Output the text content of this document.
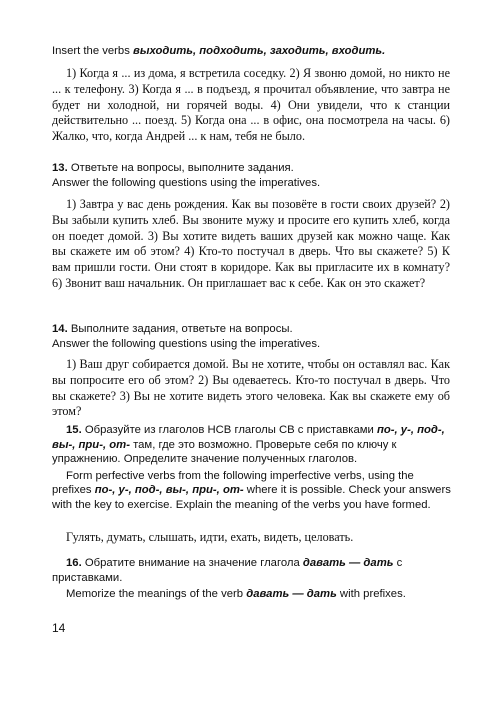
Insert the verbs выходить, подходить, заходить, входить.
1) Когда я ... из дома, я встретила соседку. 2) Я звоню домой, но никто не ... к телефону. 3) Когда я ... в подъезд, я прочитал объявление, что завтра не будет ни холодной, ни горячей воды. 4) Они увидели, что к станции действительно ... поезд. 5) Когда она ... в офис, она посмотрела на часы. 6) Жалко, что, когда Андрей ... к нам, тебя не было.
13. Ответьте на вопросы, выполните задания.
Answer the following questions using the imperatives.
1) Завтра у вас день рождения. Как вы позовёте в гости своих друзей? 2) Вы забыли купить хлеб. Вы звоните мужу и просите его купить хлеб, когда он поедет домой. 3) Вы хотите видеть ваших друзей как можно чаще. Как вы скажете им об этом? 4) Кто-то постучал в дверь. Что вы скажете? 5) К вам пришли гости. Они стоят в коридоре. Как вы пригласите их в комнату? 6) Звонит ваш начальник. Он приглашает вас к себе. Как он это скажет?
14. Выполните задания, ответьте на вопросы.
Answer the following questions using the imperatives.
1) Ваш друг собирается домой. Вы не хотите, чтобы он оставлял вас. Как вы попросите его об этом? 2) Вы одеваетесь. Кто-то постучал в дверь. Что вы скажете? 3) Вы не хотите видеть этого человека. Как вы скажете ему об этом?
15. Образуйте из глаголов НСВ глаголы СВ с приставками по-, у-, под-, вы-, при-, от- там, где это возможно. Проверьте себя по ключу к упражнению. Определите значение полученных глаголов.
Form perfective verbs from the following imperfective verbs, using the prefixes по-, у-, под-, вы-, при-, от- where it is possible. Check your answers with the key to exercise. Explain the meaning of the verbs you have formed.
Гулять, думать, слышать, идти, ехать, видеть, целовать.
16. Обратите внимание на значение глагола давать — дать с приставками.
Memorize the meanings of the verb давать — дать with prefixes.
14
